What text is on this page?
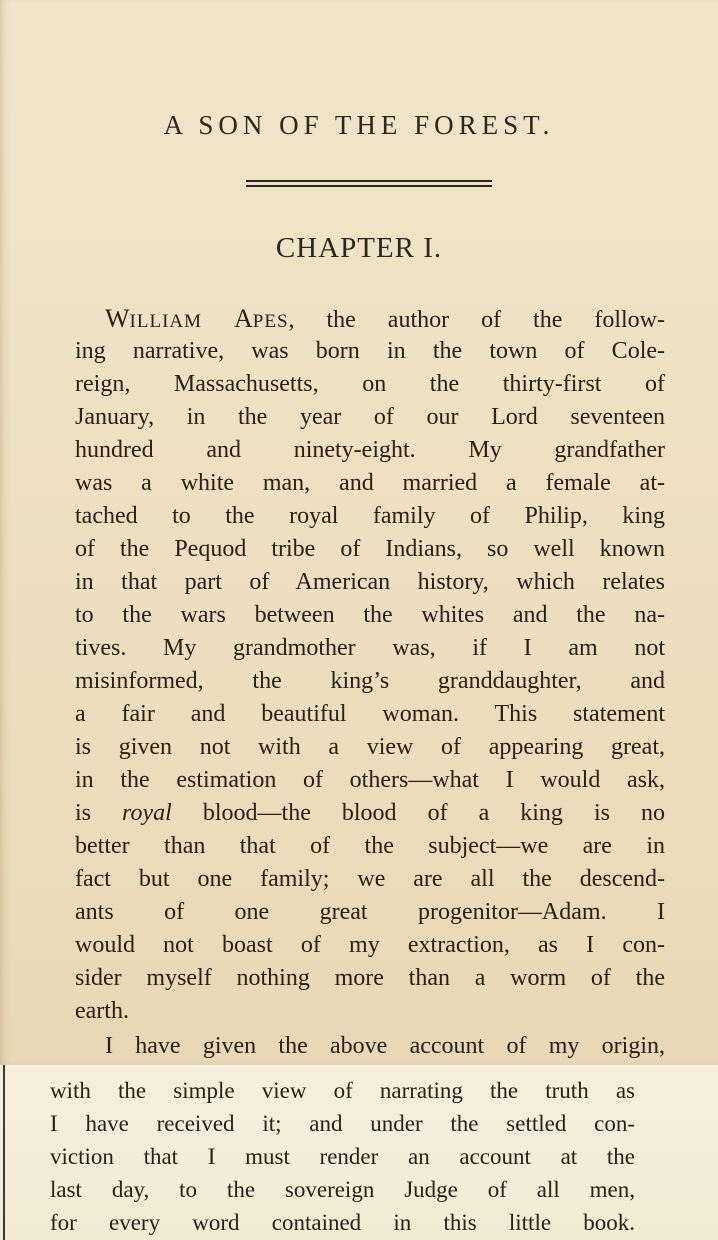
A SON OF THE FOREST.
CHAPTER I.
WILLIAM APES, the author of the follow-
ing narrative, was born in the town of Cole-
reign, Massachusetts, on the thirty-first of
January, in the year of our Lord seventeen
hundred and ninety-eight. My grandfather
was a white man, and married a female at-
tached to the royal family of Philip, king
of the Pequod tribe of Indians, so well known
in that part of American history, which relates
to the wars between the whites and the na-
tives. My grandmother was, if I am not
misinformed, the king’s granddaughter, and
a fair and beautiful woman. This statement
is given not with a view of appearing great,
in the estimation of others—what I would ask,
is royal blood—the blood of a king is no
better than that of the subject—we are in
fact but one family; we are all the descend-
ants of one great progenitor—Adam. I
would not boast of my extraction, as I con-
sider myself nothing more than a worm of the
earth.
I have given the above account of my origin,
with the simple view of narrating the truth as
I have received it; and under the settled con-
viction that I must render an account at the
last day, to the sovereign Judge of all men,
for every word contained in this little book.
